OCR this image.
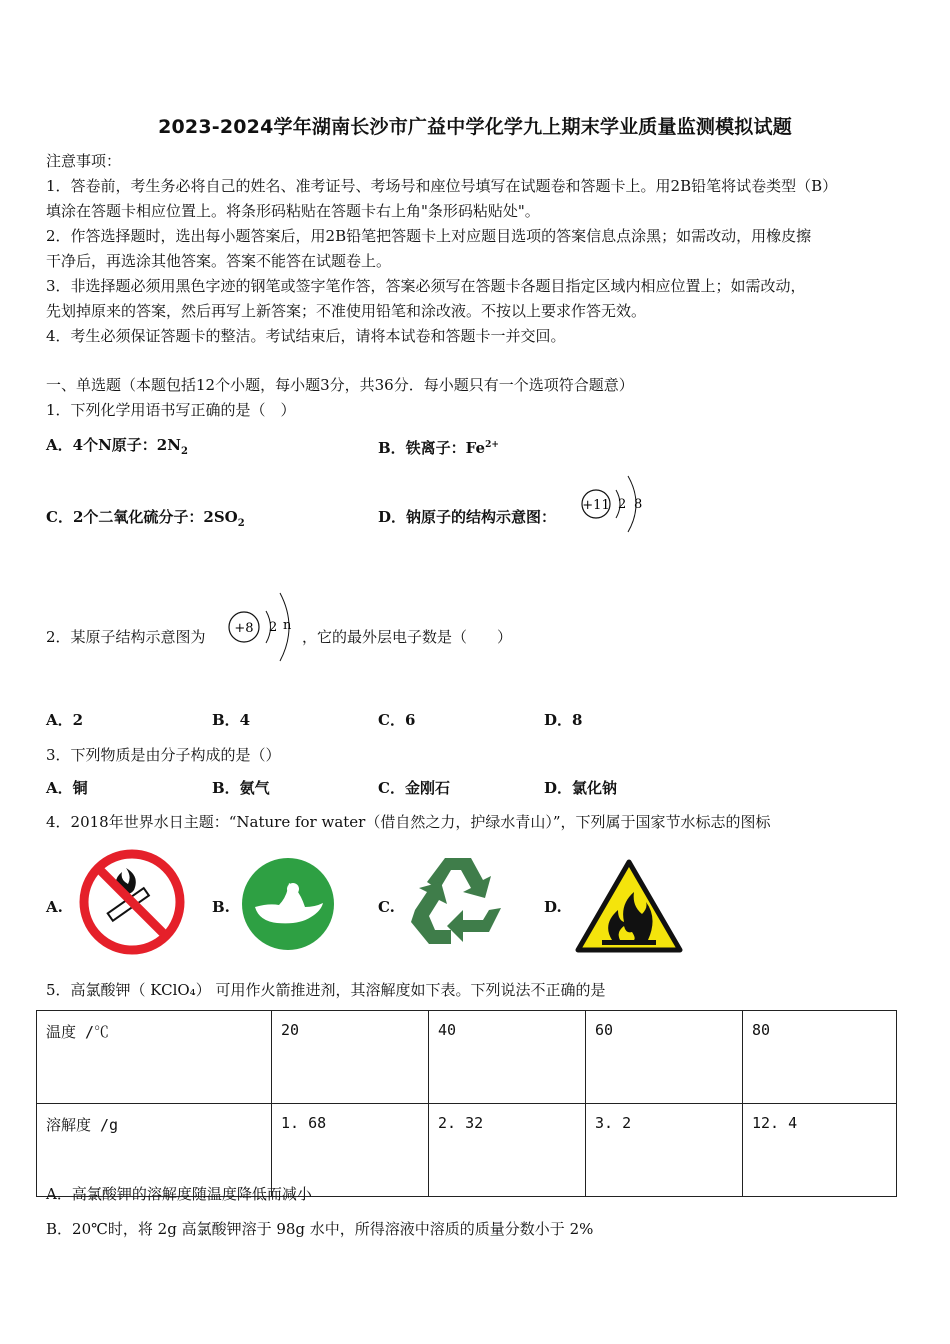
2023-2024学年湖南长沙市广益中学化学九上期末学业质量监测模拟试题
注意事项：
1．答卷前，考生务必将自己的姓名、准考证号、考场号和座位号填写在试题卷和答题卡上。用2B铅笔将试卷类型（B）
填涂在答题卡相应位置上。将条形码粘贴在答题卡右上角"条形码粘贴处"。
2．作答选择题时，选出每小题答案后，用2B铅笔把答题卡上对应题目选项的答案信息点涂黑；如需改动，用橡皮擦
干净后，再选涂其他答案。答案不能答在试题卷上。
3．非选择题必须用黑色字迹的钢笔或签字笔作答，答案必须写在答题卡各题目指定区域内相应位置上；如需改动，
先划掉原来的答案，然后再写上新答案；不准使用铅笔和涂改液。不按以上要求作答无效。
4．考生必须保证答题卡的整洁。考试结束后，请将本试卷和答题卡一并交回。
一、单选题（本题包括12个小题，每小题3分，共36分．每小题只有一个选项符合题意）
1．下列化学用语书写正确的是（　）
A．4个N原子：$2N_2$	B．铁离子：$Fe^{2+}$
C．2个二氧化硫分子：$2SO_2$	D．钠原子的结构示意图：
+11 2 8
2．某原子结构示意图为 +8 2 n
，它的最外层电子数是（　　）
A．2	B．4	C．6	D．8
3．下列物质是由分子构成的是（）
A．铜	B．氨气	C．金刚石	D．氯化钠
4．2018年世界水日主题：“Nature for water（借自然之力，护绿水青山）”，下列属于国家节水标志的图标
A.	B.	C.	D.
5．高氯酸钾（ KClO₄） 可用作火箭推进剂，其溶解度如下表。下列说法不正确的是
温度 /℃	20	40	60	80
溶解度 /g	1. 68	2. 32	3. 2	12. 4
A．高氯酸钾的溶解度随温度降低而减小
B．20℃时，将 2g 高氯酸钾溶于 98g 水中，所得溶液中溶质的质量分数小于 2%
